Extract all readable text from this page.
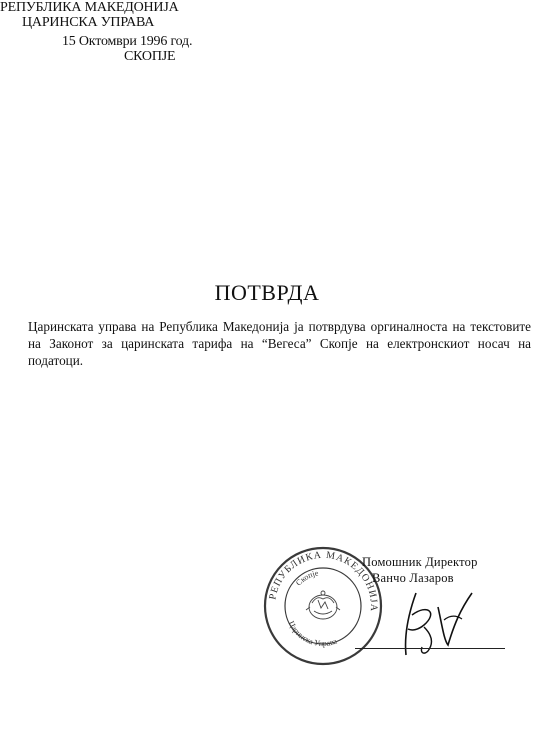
РЕПУБЛИКА МАКЕДОНИЈА
ЦАРИНСКА УПРАВА
15 Октомври 1996 год.
СКОПЈЕ
ПОТВРДА
Царинската управа на Република Македонија ја потврдува оргиналноста на текстовите на Законот за царинската тарифа на “Вегеса” Скопје на електронскиот носач на податоци.
РЕПУБЛИКА МАКЕДОНИЈА
Скопје
Царинска Управа
Помошник Директор
Ванчо Лазаров
